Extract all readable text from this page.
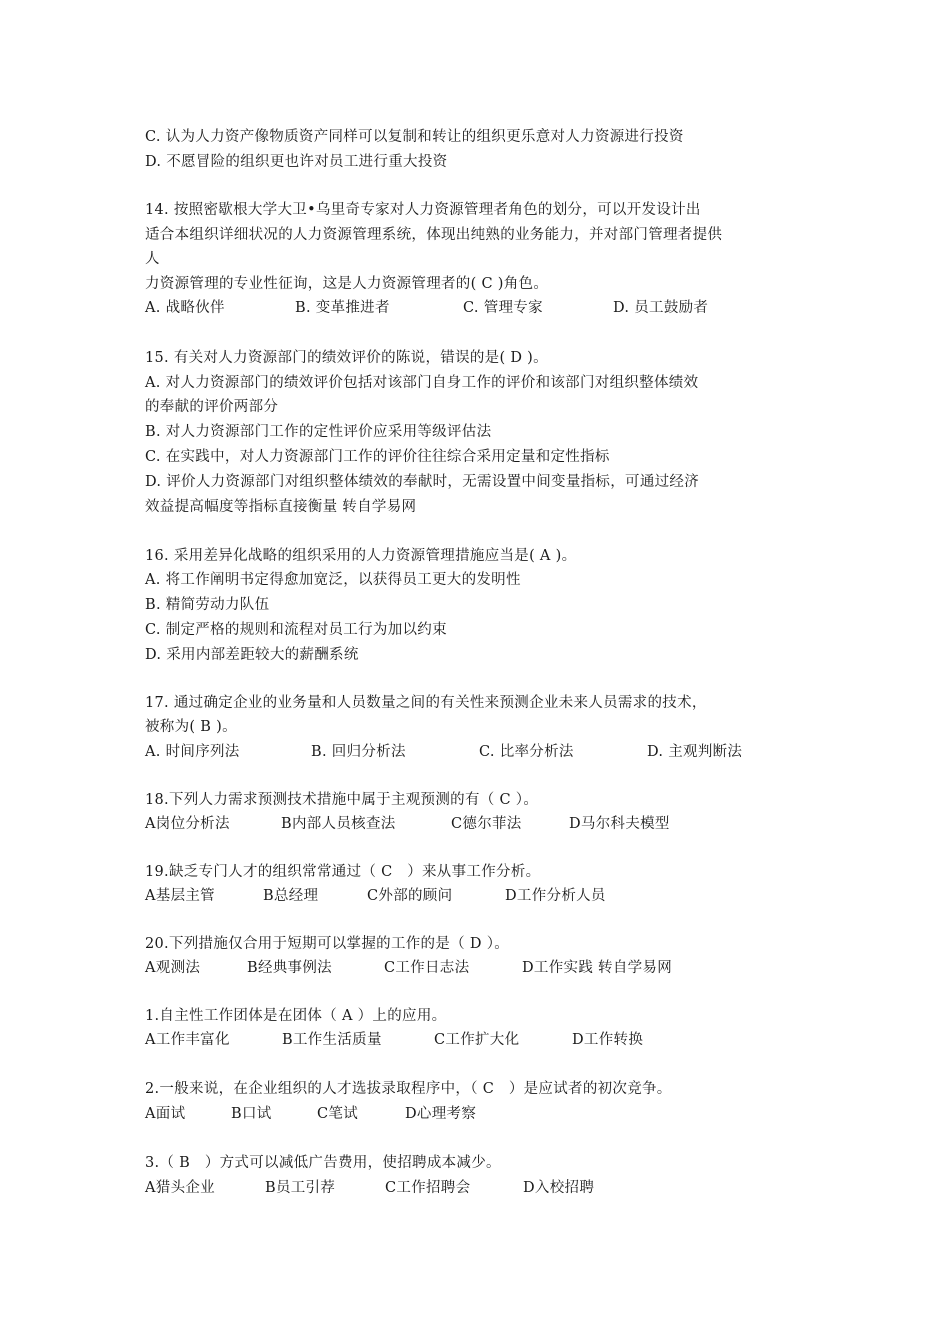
C. 认为人力资产像物质资产同样可以复制和转让的组织更乐意对人力资源进行投资
D. 不愿冒险的组织更也许对员工进行重大投资
14. 按照密歇根大学大卫•乌里奇专家对人力资源管理者角色的划分，可以开发设计出
适合本组织详细状况的人力资源管理系统，体现出纯熟的业务能力，并对部门管理者提供
人
力资源管理的专业性征询，这是人力资源管理者的( C )角色。
A. 战略伙伴	B. 变革推进者	C. 管理专家	D. 员工鼓励者
15. 有关对人力资源部门的绩效评价的陈说，错误的是( D )。
A. 对人力资源部门的绩效评价包括对该部门自身工作的评价和该部门对组织整体绩效
的奉献的评价两部分
B. 对人力资源部门工作的定性评价应采用等级评估法
C. 在实践中，对人力资源部门工作的评价往往综合采用定量和定性指标
D. 评价人力资源部门对组织整体绩效的奉献时，无需设置中间变量指标，可通过经济
效益提高幅度等指标直接衡量 转自学易网
16. 采用差异化战略的组织采用的人力资源管理措施应当是( A )。
A. 将工作阐明书定得愈加宽泛，以获得员工更大的发明性
B. 精简劳动力队伍
C. 制定严格的规则和流程对员工行为加以约束
D. 采用内部差距较大的薪酬系统
17. 通过确定企业的业务量和人员数量之间的有关性来预测企业未来人员需求的技术，
被称为( B )。
A. 时间序列法	B. 回归分析法	C. 比率分析法	D. 主观判断法
18.下列人力需求预测技术措施中属于主观预测的有（ C ）。
A岗位分析法	B内部人员核查法	C德尔菲法	D马尔科夫模型
19.缺乏专门人才的组织常常通过（ C   ）来从事工作分析。
A基层主管	B总经理	C外部的顾问	D工作分析人员
20.下列措施仅合用于短期可以掌握的工作的是（ D ）。
A观测法	B经典事例法	C工作日志法	D工作实践 转自学易网
1.自主性工作团体是在团体（ A ）上的应用。
A工作丰富化	B工作生活质量	C工作扩大化	D工作转换
2.一般来说，在企业组织的人才选拔录取程序中，（ C   ）是应试者的初次竞争。
A面试	B口试	C笔试	D心理考察
3.（ B   ）方式可以减低广告费用，使招聘成本减少。
A猎头企业	B员工引荐	C工作招聘会	D入校招聘
